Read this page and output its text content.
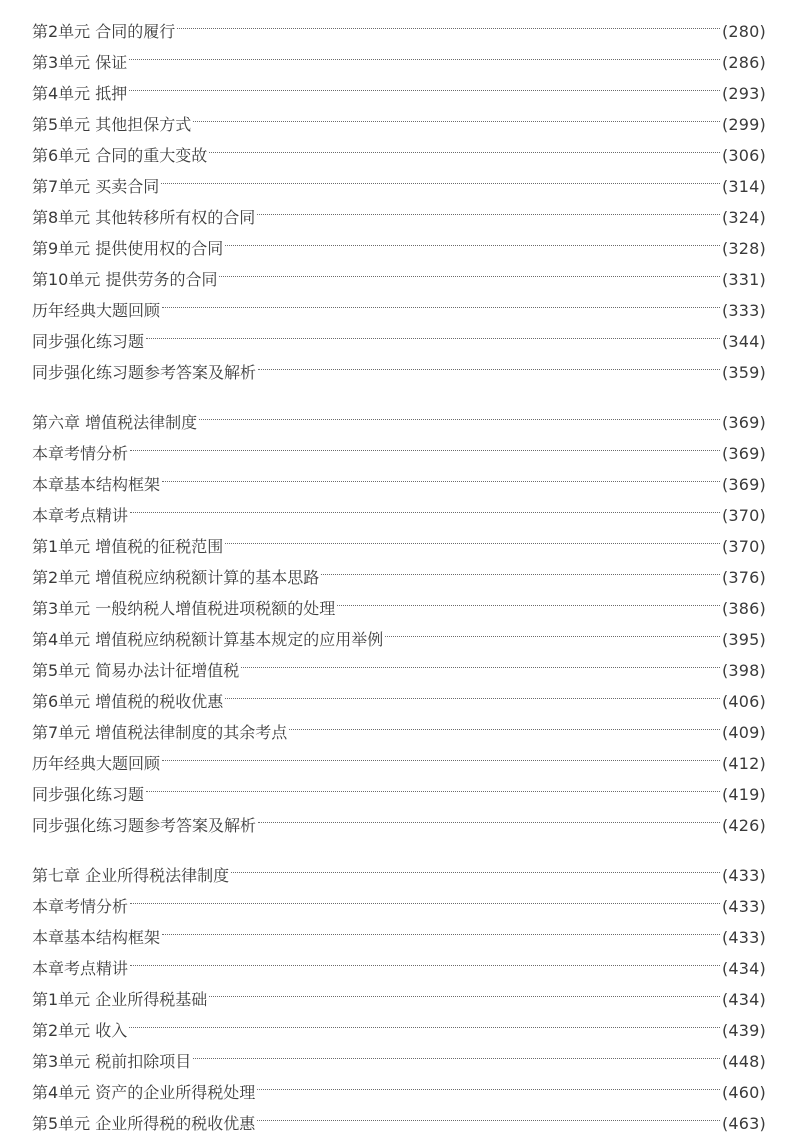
第2单元 合同的履行	(280)
第3单元 保证	(286)
第4单元 抵押	(293)
第5单元 其他担保方式	(299)
第6单元 合同的重大变故	(306)
第7单元 买卖合同	(314)
第8单元 其他转移所有权的合同	(324)
第9单元 提供使用权的合同	(328)
第10单元 提供劳务的合同	(331)
历年经典大题回顾	(333)
同步强化练习题	(344)
同步强化练习题参考答案及解析	(359)
第六章 增值税法律制度	(369)
本章考情分析	(369)
本章基本结构框架	(369)
本章考点精讲	(370)
第1单元 增值税的征税范围	(370)
第2单元 增值税应纳税额计算的基本思路	(376)
第3单元 一般纳税人增值税进项税额的处理	(386)
第4单元 增值税应纳税额计算基本规定的应用举例	(395)
第5单元 简易办法计征增值税	(398)
第6单元 增值税的税收优惠	(406)
第7单元 增值税法律制度的其余考点	(409)
历年经典大题回顾	(412)
同步强化练习题	(419)
同步强化练习题参考答案及解析	(426)
第七章 企业所得税法律制度	(433)
本章考情分析	(433)
本章基本结构框架	(433)
本章考点精讲	(434)
第1单元 企业所得税基础	(434)
第2单元 收入	(439)
第3单元 税前扣除项目	(448)
第4单元 资产的企业所得税处理	(460)
第5单元 企业所得税的税收优惠	(463)
